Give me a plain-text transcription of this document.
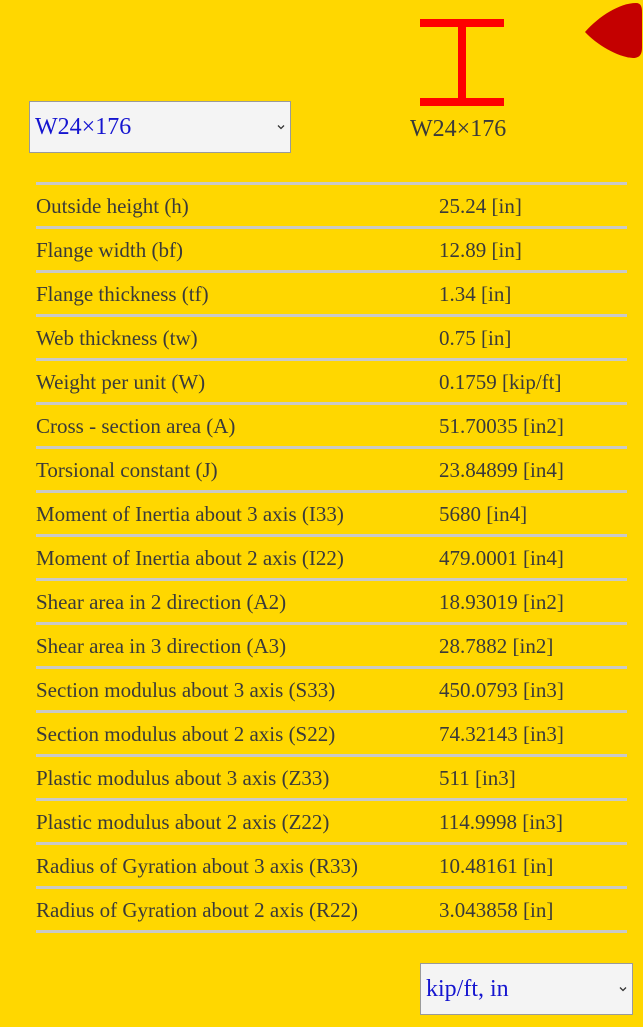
W24×176	W24×176
Outside height (h)	25.24 [in]
Flange width (bf)	12.89 [in]
Flange thickness (tf)	1.34 [in]
Web thickness (tw)	0.75 [in]
Weight per unit (W)	0.1759 [kip/ft]
Cross - section area (A)	51.70035 [in2]
Torsional constant (J)	23.84899 [in4]
Moment of Inertia about 3 axis (I33)	5680 [in4]
Moment of Inertia about 2 axis (I22)	479.0001 [in4]
Shear area in 2 direction (A2)	18.93019 [in2]
Shear area in 3 direction (A3)	28.7882 [in2]
Section modulus about 3 axis (S33)	450.0793 [in3]
Section modulus about 2 axis (S22)	74.32143 [in3]
Plastic modulus about 3 axis (Z33)	511 [in3]
Plastic modulus about 2 axis (Z22)	114.9998 [in3]
Radius of Gyration about 3 axis (R33)	10.48161 [in]
Radius of Gyration about 2 axis (R22)	3.043858 [in]
kip/ft, in
